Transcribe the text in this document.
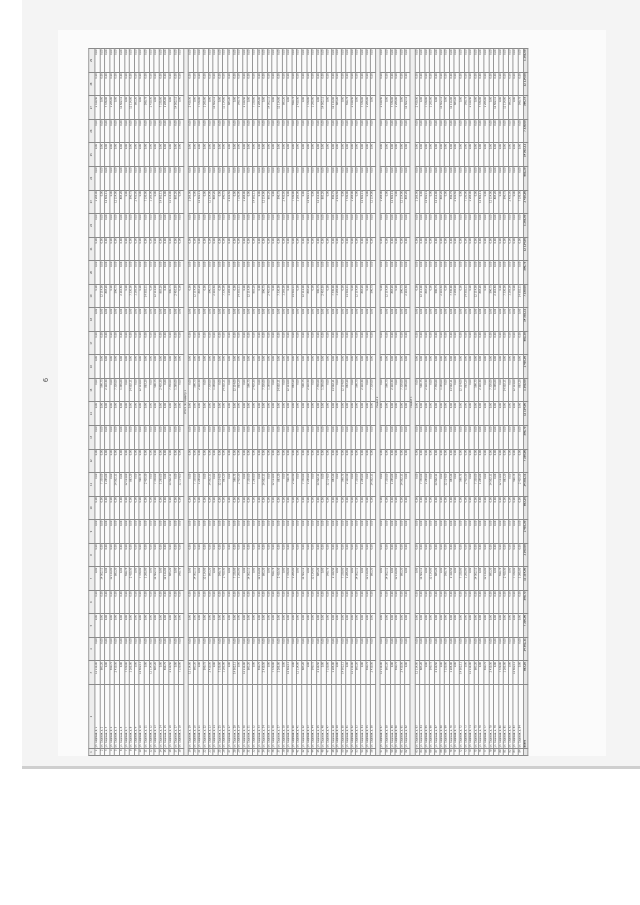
6
1	2	3	4	5	6	7	8	9	10	11	12	13	14	15	16	17	18	19	20	21	22	23	24	25	26	27	28	29
1	ул. Садовая, д. 1	12 114,00	0,00	0,00	0,00	0,00	0,00	0,00	0,00	0,00	0,00	0,00	0,00	0,00	0,00	0,00	0,00	0,00	0,00	0,00	0,00	1 265,00	0,00	0,00	0,00	2 410,50	0,00	0,00
2	ул. Садовая, д. 2	883,20	0,00	0,00	0,00	14 502,11	0,00	0,00	0,00	7 330,00	0,00	0,00	0,00	590,75	0,00	0,00	0,00	12 114,00	0,00	0,00	0,00	0,00	0,00	0,00	0,00	0,00	0,00	0,00
3	ул. Садовая, д. 3	0,00	0,00	0,00	0,00	0,00	0,00	0,00	0,00	1 265,00	0,00	0,00	0,00	2 410,50	0,00	0,00	0,00	883,20	0,00	0,00	0,00	14 502,11	0,00	0,00	0,00	7 330,00	0,00	0,00
4	ул. Садовая, д. 4	590,75	0,00	0,00	0,00	12 114,00	0,00	0,00	0,00	0,00	0,00	0,00	0,00	0,00	0,00	0,00	0,00	0,00	0,00	0,00	0,00	0,00	0,00	0,00	0,00	1 265,00	0,00	0,00
5	ул. Садовая, д. 5	2 410,50	0,00	0,00	0,00	883,20	0,00	0,00	0,00	14 502,11	0,00	0,00	0,00	7 330,00	0,00	0,00	0,00	590,75	0,00	0,00	0,00	12 114,00	0,00	0,00	0,00	0,00	0,00	0,00
6	ул. Садовая, д. 6	0,00	0,00	0,00	0,00	0,00	0,00	0,00	0,00	0,00	0,00	0,00	0,00	1 265,00	0,00	0,00	0,00	2 410,50	0,00	0,00	0,00	883,20	0,00	0,00	0,00	14 502,11	0,00	0,00
7	ул. Садовая, д. 7	7 330,00	0,00	0,00	0,00	590,75	0,00	0,00	0,00	12 114,00	0,00	0,00	0,00	0,00	0,00	0,00	0,00	0,00	0,00	0,00	0,00	0,00	0,00	0,00	0,00	0,00	0,00	0,00
8	ул. Садовая, д. 8	1 265,00	0,00	0,00	0,00	2 410,50	0,00	0,00	0,00	883,20	0,00	0,00	0,00	14 502,11	0,00	0,00	0,00	7 330,00	0,00	0,00	0,00	590,75	0,00	0,00	0,00	12 114,00	0,00	0,00
9	ул. Садовая, д. 9	0,00	0,00	0,00	0,00	0,00	0,00	0,00	0,00	0,00	0,00	0,00	0,00	0,00	0,00	0,00	0,00	1 265,00	0,00	0,00	0,00	2 410,50	0,00	0,00	0,00	883,20	0,00	0,00
10	ул. Садовая, д. 10	14 502,11	0,00	0,00	0,00	7 330,00	0,00	0,00	0,00	590,75	0,00	0,00	0,00	12 114,00	0,00	0,00	0,00	0,00	0,00	0,00	0,00	0,00	0,00	0,00	0,00	0,00	0,00	0,00
11	ул. Садовая, д. 11	0,00	0,00	0,00	0,00	1 265,00	0,00	0,00	0,00	2 410,50	0,00	0,00	0,00	883,20	0,00	0,00	0,00	14 502,11	0,00	0,00	0,00	7 330,00	0,00	0,00	0,00	590,75	0,00	0,00
12	ул. Садовая, д. 12	12 114,00	0,00	0,00	0,00	0,00	0,00	0,00	0,00	0,00	0,00	0,00	0,00	0,00	0,00	0,00	0,00	0,00	0,00	0,00	0,00	1 265,00	0,00	0,00	0,00	2 410,50	0,00	0,00
13	ул. Садовая, д. 13	883,20	0,00	0,00	0,00	14 502,11	0,00	0,00	0,00	7 330,00	0,00	0,00	0,00	590,75	0,00	0,00	0,00	12 114,00	0,00	0,00	0,00	0,00	0,00	0,00	0,00	0,00	0,00	0,00
14	ул. Садовая, д. 14	0,00	0,00	0,00	0,00	0,00	0,00	0,00	0,00	1 265,00	0,00	0,00	0,00	2 410,50	0,00	0,00	0,00	883,20	0,00	0,00	0,00	14 502,11	0,00	0,00	0,00	7 330,00	0,00	0,00
15	ул. Садовая, д. 15	590,75	0,00	0,00	0,00	12 114,00	0,00	0,00	0,00	0,00	0,00	0,00	0,00	0,00	0,00	0,00	0,00	0,00	0,00	0,00	0,00	0,00	0,00	0,00	0,00	1 265,00	0,00	0,00
16	ул. Садовая, д. 16	2 410,50	0,00	0,00	0,00	883,20	0,00	0,00	0,00	14 502,11	0,00	0,00	0,00	7 330,00	0,00	0,00	0,00	590,75	0,00	0,00	0,00	12 114,00	0,00	0,00	0,00	0,00	0,00	0,00
17	ул. Садовая, д. 17	0,00	0,00	0,00	0,00	0,00	0,00	0,00	0,00	0,00	0,00	0,00	0,00	1 265,00	0,00	0,00	0,00	2 410,50	0,00	0,00	0,00	883,20	0,00	0,00	0,00	14 502,11	0,00	0,00
18	ул. Садовая, д. 18	7 330,00	0,00	0,00	0,00	590,75	0,00	0,00	0,00	12 114,00	0,00	0,00	0,00	0,00	0,00	0,00	0,00	0,00	0,00	0,00	0,00	0,00	0,00	0,00	0,00	0,00	0,00	0,00
Итого по разделу 1																												
19	ул. Садовая, д. 19	12 114,00	0,00	0,00	0,00	0,00	0,00	0,00	0,00	0,00	0,00	0,00	0,00	0,00	0,00	0,00	0,00	0,00	0,00	0,00	0,00	1 265,00	0,00	0,00	0,00	2 410,50	0,00	0,00
20	ул. Садовая, д. 20	883,20	0,00	0,00	0,00	14 502,11	0,00	0,00	0,00	7 330,00	0,00	0,00	0,00	590,75	0,00	0,00	0,00	12 114,00	0,00	0,00	0,00	0,00	0,00	0,00	0,00	0,00	0,00	0,00
21	ул. Садовая, д. 21	0,00	0,00	0,00	0,00	0,00	0,00	0,00	0,00	1 265,00	0,00	0,00	0,00	2 410,50	0,00	0,00	0,00	883,20	0,00	0,00	0,00	14 502,11	0,00	0,00	0,00	7 330,00	0,00	0,00
22	ул. Садовая, д. 22	590,75	0,00	0,00	0,00	12 114,00	0,00	0,00	0,00	0,00	0,00	0,00	0,00	0,00	0,00	0,00	0,00	0,00	0,00	0,00	0,00	0,00	0,00	0,00	0,00	1 265,00	0,00	0,00
23	ул. Садовая, д. 23	2 410,50	0,00	0,00	0,00	883,20	0,00	0,00	0,00	14 502,11	0,00	0,00	0,00	7 330,00	0,00	0,00	0,00	590,75	0,00	0,00	0,00	12 114,00	0,00	0,00	0,00	0,00	0,00	0,00
24	ул. Садовая, д. 24	0,00	0,00	0,00	0,00	0,00	0,00	0,00	0,00	0,00	0,00	0,00	0,00	1 265,00	0,00	0,00	0,00	2 410,50	0,00	0,00	0,00	883,20	0,00	0,00	0,00	14 502,11	0,00	0,00
25	ул. Садовая, д. 25	7 330,00	0,00	0,00	0,00	590,75	0,00	0,00	0,00	12 114,00	0,00	0,00	0,00	0,00	0,00	0,00	0,00	0,00	0,00	0,00	0,00	0,00	0,00	0,00	0,00	0,00	0,00	0,00
26	ул. Садовая, д. 26	1 265,00	0,00	0,00	0,00	2 410,50	0,00	0,00	0,00	883,20	0,00	0,00	0,00	14 502,11	0,00	0,00	0,00	7 330,00	0,00	0,00	0,00	590,75	0,00	0,00	0,00	12 114,00	0,00	0,00
27	ул. Садовая, д. 27	0,00	0,00	0,00	0,00	0,00	0,00	0,00	0,00	0,00	0,00	0,00	0,00	0,00	0,00	0,00	0,00	1 265,00	0,00	0,00	0,00	2 410,50	0,00	0,00	0,00	883,20	0,00	0,00
28	ул. Садовая, д. 28	14 502,11	0,00	0,00	0,00	7 330,00	0,00	0,00	0,00	590,75	0,00	0,00	0,00	12 114,00	0,00	0,00	0,00	0,00	0,00	0,00	0,00	0,00	0,00	0,00	0,00	0,00	0,00	0,00
29	ул. Садовая, д. 29	0,00	0,00	0,00	0,00	1 265,00	0,00	0,00	0,00	2 410,50	0,00	0,00	0,00	883,20	0,00	0,00	0,00	14 502,11	0,00	0,00	0,00	7 330,00	0,00	0,00	0,00	590,75	0,00	0,00
30	ул. Садовая, д. 30	12 114,00	0,00	0,00	0,00	0,00	0,00	0,00	0,00	0,00	0,00	0,00	0,00	0,00	0,00	0,00	0,00	0,00	0,00	0,00	0,00	1 265,00	0,00	0,00	0,00	2 410,50	0,00	0,00
31	ул. Садовая, д. 31	883,20	0,00	0,00	0,00	14 502,11	0,00	0,00	0,00	7 330,00	0,00	0,00	0,00	590,75	0,00	0,00	0,00	12 114,00	0,00	0,00	0,00	0,00	0,00	0,00	0,00	0,00	0,00	0,00
32	ул. Садовая, д. 32	0,00	0,00	0,00	0,00	0,00	0,00	0,00	0,00	1 265,00	0,00	0,00	0,00	2 410,50	0,00	0,00	0,00	883,20	0,00	0,00	0,00	14 502,11	0,00	0,00	0,00	7 330,00	0,00	0,00
33	ул. Садовая, д. 33	590,75	0,00	0,00	0,00	12 114,00	0,00	0,00	0,00	0,00	0,00	0,00	0,00	0,00	0,00	0,00	0,00	0,00	0,00	0,00	0,00	0,00	0,00	0,00	0,00	1 265,00	0,00	0,00
34	ул. Садовая, д. 34	2 410,50	0,00	0,00	0,00	883,20	0,00	0,00	0,00	14 502,11	0,00	0,00	0,00	7 330,00	0,00	0,00	0,00	590,75	0,00	0,00	0,00	12 114,00	0,00	0,00	0,00	0,00	0,00	0,00
35	ул. Садовая, д. 35	0,00	0,00	0,00	0,00	0,00	0,00	0,00	0,00	0,00	0,00	0,00	0,00	1 265,00	0,00	0,00	0,00	2 410,50	0,00	0,00	0,00	883,20	0,00	0,00	0,00	14 502,11	0,00	0,00
36	ул. Садовая, д. 36	7 330,00	0,00	0,00	0,00	590,75	0,00	0,00	0,00	12 114,00	0,00	0,00	0,00	0,00	0,00	0,00	0,00	0,00	0,00	0,00	0,00	0,00	0,00	0,00	0,00	0,00	0,00	0,00
37	ул. Садовая, д. 37	1 265,00	0,00	0,00	0,00	2 410,50	0,00	0,00	0,00	883,20	0,00	0,00	0,00	14 502,11	0,00	0,00	0,00	7 330,00	0,00	0,00	0,00	590,75	0,00	0,00	0,00	12 114,00	0,00	0,00
38	ул. Садовая, д. 38	0,00	0,00	0,00	0,00	0,00	0,00	0,00	0,00	0,00	0,00	0,00	0,00	0,00	0,00	0,00	0,00	1 265,00	0,00	0,00	0,00	2 410,50	0,00	0,00	0,00	883,20	0,00	0,00
39	ул. Садовая, д. 39	14 502,11	0,00	0,00	0,00	7 330,00	0,00	0,00	0,00	590,75	0,00	0,00	0,00	12 114,00	0,00	0,00	0,00	0,00	0,00	0,00	0,00	0,00	0,00	0,00	0,00	0,00	0,00	0,00
40	ул. Садовая, д. 40	0,00	0,00	0,00	0,00	1 265,00	0,00	0,00	0,00	2 410,50	0,00	0,00	0,00	883,20	0,00	0,00	0,00	14 502,11	0,00	0,00	0,00	7 330,00	0,00	0,00	0,00	590,75	0,00	0,00
41	ул. Садовая, д. 41	12 114,00	0,00	0,00	0,00	0,00	0,00	0,00	0,00	0,00	0,00	0,00	0,00	0,00	0,00	0,00	0,00	0,00	0,00	0,00	0,00	1 265,00	0,00	0,00	0,00	2 410,50	0,00	0,00
42	ул. Садовая, д. 42	883,20	0,00	0,00	0,00	14 502,11	0,00	0,00	0,00	7 330,00	0,00	0,00	0,00	590,75	0,00	0,00	0,00	12 114,00	0,00	0,00	0,00	0,00	0,00	0,00	0,00	0,00	0,00	0,00
43	ул. Садовая, д. 43	0,00	0,00	0,00	0,00	0,00	0,00	0,00	0,00	1 265,00	0,00	0,00	0,00	2 410,50	0,00	0,00	0,00	883,20	0,00	0,00	0,00	14 502,11	0,00	0,00	0,00	7 330,00	0,00	0,00
44	ул. Садовая, д. 44	590,75	0,00	0,00	0,00	12 114,00	0,00	0,00	0,00	0,00	0,00	0,00	0,00	0,00	0,00	0,00	0,00	0,00	0,00	0,00	0,00	0,00	0,00	0,00	0,00	1 265,00	0,00	0,00
45	ул. Садовая, д. 45	2 410,50	0,00	0,00	0,00	883,20	0,00	0,00	0,00	14 502,11	0,00	0,00	0,00	7 330,00	0,00	0,00	0,00	590,75	0,00	0,00	0,00	12 114,00	0,00	0,00	0,00	0,00	0,00	0,00
46	ул. Садовая, д. 46	0,00	0,00	0,00	0,00	0,00	0,00	0,00	0,00	0,00	0,00	0,00	0,00	1 265,00	0,00	0,00	0,00	2 410,50	0,00	0,00	0,00	883,20	0,00	0,00	0,00	14 502,11	0,00	0,00
47	ул. Садовая, д. 47	7 330,00	0,00	0,00	0,00	590,75	0,00	0,00	0,00	12 114,00	0,00	0,00	0,00	0,00	0,00	0,00	0,00	0,00	0,00	0,00	0,00	0,00	0,00	0,00	0,00	0,00	0,00	0,00
48	ул. Садовая, д. 48	1 265,00	0,00	0,00	0,00	2 410,50	0,00	0,00	0,00	883,20	0,00	0,00	0,00	14 502,11	0,00	0,00	0,00	7 330,00	0,00	0,00	0,00	590,75	0,00	0,00	0,00	12 114,00	0,00	0,00
49	ул. Садовая, д. 49	0,00	0,00	0,00	0,00	0,00	0,00	0,00	0,00	0,00	0,00	0,00	0,00	0,00	0,00	0,00	0,00	1 265,00	0,00	0,00	0,00	2 410,50	0,00	0,00	0,00	883,20	0,00	0,00
50	ул. Садовая, д. 50	14 502,11	0,00	0,00	0,00	7 330,00	0,00	0,00	0,00	590,75	0,00	0,00	0,00	12 114,00	0,00	0,00	0,00	0,00	0,00	0,00	0,00	0,00	0,00	0,00	0,00	0,00	0,00	0,00
51	ул. Садовая, д. 51	0,00	0,00	0,00	0,00	1 265,00	0,00	0,00	0,00	2 410,50	0,00	0,00	0,00	883,20	0,00	0,00	0,00	14 502,11	0,00	0,00	0,00	7 330,00	0,00	0,00	0,00	590,75	0,00	0,00
52	ул. Садовая, д. 52	12 114,00	0,00	0,00	0,00	0,00	0,00	0,00	0,00	0,00	0,00	0,00	0,00	0,00	0,00	0,00	0,00	0,00	0,00	0,00	0,00	1 265,00	0,00	0,00	0,00	2 410,50	0,00	0,00
53	ул. Садовая, д. 53	883,20	0,00	0,00	0,00	14 502,11	0,00	0,00	0,00	7 330,00	0,00	0,00	0,00	590,75	0,00	0,00	0,00	12 114,00	0,00	0,00	0,00	0,00	0,00	0,00	0,00	0,00	0,00	0,00
54	ул. Садовая, д. 54	0,00	0,00	0,00	0,00	0,00	0,00	0,00	0,00	1 265,00	0,00	0,00	0,00	2 410,50	0,00	0,00	0,00	883,20	0,00	0,00	0,00	14 502,11	0,00	0,00	0,00	7 330,00	0,00	0,00
55	ул. Садовая, д. 55	590,75	0,00	0,00	0,00	12 114,00	0,00	0,00	0,00	0,00	0,00	0,00	0,00	0,00	0,00	0,00	0,00	0,00	0,00	0,00	0,00	0,00	0,00	0,00	0,00	1 265,00	0,00	0,00
56	ул. Садовая, д. 56	2 410,50	0,00	0,00	0,00	883,20	0,00	0,00	0,00	14 502,11	0,00	0,00	0,00	7 330,00	0,00	0,00	0,00	590,75	0,00	0,00	0,00	12 114,00	0,00	0,00	0,00	0,00	0,00	0,00
Раздел 2																												
57	ул. Садовая, д. 57	12 114,00	0,00	0,00	0,00	0,00	0,00	0,00	0,00	0,00	0,00	0,00	0,00	0,00	0,00	0,00	0,00	0,00	0,00	0,00	0,00	1 265,00	0,00	0,00	0,00	2 410,50	0,00	0,00
58	ул. Садовая, д. 58	883,20	0,00	0,00	0,00	14 502,11	0,00	0,00	0,00	7 330,00	0,00	0,00	0,00	590,75	0,00	0,00	0,00	12 114,00	0,00	0,00	0,00	0,00	0,00	0,00	0,00	0,00	0,00	0,00
59	ул. Садовая, д. 59	0,00	0,00	0,00	0,00	0,00	0,00	0,00	0,00	1 265,00	0,00	0,00	0,00	2 410,50	0,00	0,00	0,00	883,20	0,00	0,00	0,00	14 502,11	0,00	0,00	0,00	7 330,00	0,00	0,00
60	ул. Садовая, д. 60	590,75	0,00	0,00	0,00	12 114,00	0,00	0,00	0,00	0,00	0,00	0,00	0,00	0,00	0,00	0,00	0,00	0,00	0,00	0,00	0,00	0,00	0,00	0,00	0,00	1 265,00	0,00	0,00
61	ул. Садовая, д. 61	2 410,50	0,00	0,00	0,00	883,20	0,00	0,00	0,00	14 502,11	0,00	0,00	0,00	7 330,00	0,00	0,00	0,00	590,75	0,00	0,00	0,00	12 114,00	0,00	0,00	0,00	0,00	0,00	0,00
62	ул. Садовая, д. 62	0,00	0,00	0,00	0,00	0,00	0,00	0,00	0,00	0,00	0,00	0,00	0,00	1 265,00	0,00	0,00	0,00	2 410,50	0,00	0,00	0,00	883,20	0,00	0,00	0,00	14 502,11	0,00	0,00
Раздел 3																												
63	ул. Садовая, д. 63	12 114,00	0,00	0,00	0,00	0,00	0,00	0,00	0,00	0,00	0,00	0,00	0,00	0,00	0,00	0,00	0,00	0,00	0,00	0,00	0,00	1 265,00	0,00	0,00	0,00	2 410,50	0,00	0,00
64	ул. Садовая, д. 64	883,20	0,00	0,00	0,00	14 502,11	0,00	0,00	0,00	7 330,00	0,00	0,00	0,00	590,75	0,00	0,00	0,00	12 114,00	0,00	0,00	0,00	0,00	0,00	0,00	0,00	0,00	0,00	0,00
65	ул. Садовая, д. 65	0,00	0,00	0,00	0,00	0,00	0,00	0,00	0,00	1 265,00	0,00	0,00	0,00	2 410,50	0,00	0,00	0,00	883,20	0,00	0,00	0,00	14 502,11	0,00	0,00	0,00	7 330,00	0,00	0,00
66	ул. Садовая, д. 66	590,75	0,00	0,00	0,00	12 114,00	0,00	0,00	0,00	0,00	0,00	0,00	0,00	0,00	0,00	0,00	0,00	0,00	0,00	0,00	0,00	0,00	0,00	0,00	0,00	1 265,00	0,00	0,00
67	ул. Садовая, д. 67	2 410,50	0,00	0,00	0,00	883,20	0,00	0,00	0,00	14 502,11	0,00	0,00	0,00	7 330,00	0,00	0,00	0,00	590,75	0,00	0,00	0,00	12 114,00	0,00	0,00	0,00	0,00	0,00	0,00
68	ул. Садовая, д. 68	0,00	0,00	0,00	0,00	0,00	0,00	0,00	0,00	0,00	0,00	0,00	0,00	1 265,00	0,00	0,00	0,00	2 410,50	0,00	0,00	0,00	883,20	0,00	0,00	0,00	14 502,11	0,00	0,00
69	ул. Садовая, д. 69	7 330,00	0,00	0,00	0,00	590,75	0,00	0,00	0,00	12 114,00	0,00	0,00	0,00	0,00	0,00	0,00	0,00	0,00	0,00	0,00	0,00	0,00	0,00	0,00	0,00	0,00	0,00	0,00
70	ул. Садовая, д. 70	1 265,00	0,00	0,00	0,00	2 410,50	0,00	0,00	0,00	883,20	0,00	0,00	0,00	14 502,11	0,00	0,00	0,00	7 330,00	0,00	0,00	0,00	590,75	0,00	0,00	0,00	12 114,00	0,00	0,00
71	ул. Садовая, д. 71	0,00	0,00	0,00	0,00	0,00	0,00	0,00	0,00	0,00	0,00	0,00	0,00	0,00	0,00	0,00	0,00	1 265,00	0,00	0,00	0,00	2 410,50	0,00	0,00	0,00	883,20	0,00	0,00
72	ул. Садовая, д. 72	14 502,11	0,00	0,00	0,00	7 330,00	0,00	0,00	0,00	590,75	0,00	0,00	0,00	12 114,00	0,00	0,00	0,00	0,00	0,00	0,00	0,00	0,00	0,00	0,00	0,00	0,00	0,00	0,00
73	ул. Садовая, д. 73	0,00	0,00	0,00	0,00	1 265,00	0,00	0,00	0,00	2 410,50	0,00	0,00	0,00	883,20	0,00	0,00	0,00	14 502,11	0,00	0,00	0,00	7 330,00	0,00	0,00	0,00	590,75	0,00	0,00
74	ул. Садовая, д. 74	12 114,00	0,00	0,00	0,00	0,00	0,00	0,00	0,00	0,00	0,00	0,00	0,00	0,00	0,00	0,00	0,00	0,00	0,00	0,00	0,00	1 265,00	0,00	0,00	0,00	2 410,50	0,00	0,00
75	ул. Садовая, д. 75	883,20	0,00	0,00	0,00	14 502,11	0,00	0,00	0,00	7 330,00	0,00	0,00	0,00	590,75	0,00	0,00	0,00	12 114,00	0,00	0,00	0,00	0,00	0,00	0,00	0,00	0,00	0,00	0,00
76	ул. Садовая, д. 76	0,00	0,00	0,00	0,00	0,00	0,00	0,00	0,00	1 265,00	0,00	0,00	0,00	2 410,50	0,00	0,00	0,00	883,20	0,00	0,00	0,00	14 502,11	0,00	0,00	0,00	7 330,00	0,00	0,00
77	ул. Садовая, д. 77	590,75	0,00	0,00	0,00	12 114,00	0,00	0,00	0,00	0,00	0,00	0,00	0,00	0,00	0,00	0,00	0,00	0,00	0,00	0,00	0,00	0,00	0,00	0,00	0,00	1 265,00	0,00	0,00
78	ул. Садовая, д. 78	2 410,50	0,00	0,00	0,00	883,20	0,00	0,00	0,00	14 502,11	0,00	0,00	0,00	7 330,00	0,00	0,00	0,00	590,75	0,00	0,00	0,00	12 114,00	0,00	0,00	0,00	0,00	0,00	0,00
79	ул. Садовая, д. 79	0,00	0,00	0,00	0,00	0,00	0,00	0,00	0,00	0,00	0,00	0,00	0,00	1 265,00	0,00	0,00	0,00	2 410,50	0,00	0,00	0,00	883,20	0,00	0,00	0,00	14 502,11	0,00	0,00
80	ул. Садовая, д. 80	7 330,00	0,00	0,00	0,00	590,75	0,00	0,00	0,00	12 114,00	0,00	0,00	0,00	0,00	0,00	0,00	0,00	0,00	0,00	0,00	0,00	0,00	0,00	0,00	0,00	0,00	0,00	0,00
81	ул. Садовая, д. 81	1 265,00	0,00	0,00	0,00	2 410,50	0,00	0,00	0,00	883,20	0,00	0,00	0,00	14 502,11	0,00	0,00	0,00	7 330,00	0,00	0,00	0,00	590,75	0,00	0,00	0,00	12 114,00	0,00	0,00
82	ул. Садовая, д. 82	0,00	0,00	0,00	0,00	0,00	0,00	0,00	0,00	0,00	0,00	0,00	0,00	0,00	0,00	0,00	0,00	1 265,00	0,00	0,00	0,00	2 410,50	0,00	0,00	0,00	883,20	0,00	0,00
83	ул. Садовая, д. 83	14 502,11	0,00	0,00	0,00	7 330,00	0,00	0,00	0,00	590,75	0,00	0,00	0,00	12 114,00	0,00	0,00	0,00	0,00	0,00	0,00	0,00	0,00	0,00	0,00	0,00	0,00	0,00	0,00
84	ул. Садовая, д. 84	0,00	0,00	0,00	0,00	1 265,00	0,00	0,00	0,00	2 410,50	0,00	0,00	0,00	883,20	0,00	0,00	0,00	14 502,11	0,00	0,00	0,00	7 330,00	0,00	0,00	0,00	590,75	0,00	0,00
	Всего	883,20	14 502,11	7 330,00	590,75	12 114,00	1 265,00	2 410,50	883,20	14 502,11	7 330,00	590,75	12 114,00	1 265,00	2 410,50	883,20	14 502,11	7 330,00	590,75	12 114,00	1 265,00	2 410,50	883,20	14 502,11	7 330,00	590,75	12 114,00	1 265,00
